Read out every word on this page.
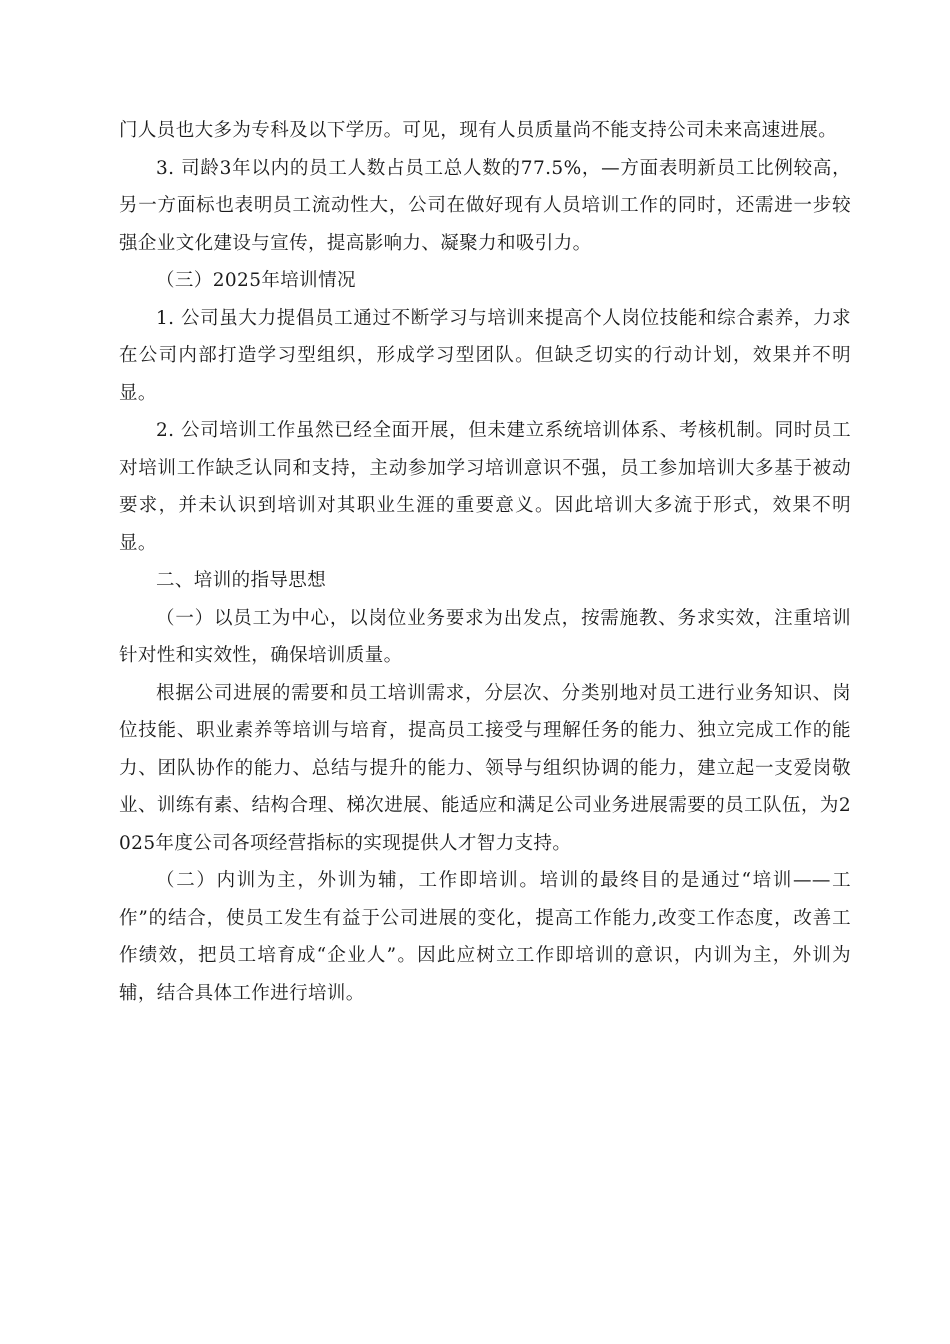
门人员也大多为专科及以下学历。可见，现有人员质量尚不能支持公司未来高速进展。

3. 司龄3年以内的员工人数占员工总人数的77.5%，—方面表明新员工比例较高，另一方面标也表明员工流动性大，公司在做好现有人员培训工作的同时，还需进一步较强企业文化建设与宣传，提高影响力、凝聚力和吸引力。

（三）2025年培训情况

1. 公司虽大力提倡员工通过不断学习与培训来提高个人岗位技能和综合素养，力求在公司内部打造学习型组织，形成学习型团队。但缺乏切实的行动计划，效果并不明显。

2. 公司培训工作虽然已经全面开展，但未建立系统培训体系、考核机制。同时员工对培训工作缺乏认同和支持，主动参加学习培训意识不强，员工参加培训大多基于被动要求，并未认识到培训对其职业生涯的重要意义。因此培训大多流于形式，效果不明显。

二、培训的指导思想

（一）以员工为中心，以岗位业务要求为出发点，按需施教、务求实效，注重培训针对性和实效性，确保培训质量。

根据公司进展的需要和员工培训需求，分层次、分类别地对员工进行业务知识、岗位技能、职业素养等培训与培育，提高员工接受与理解任务的能力、独立完成工作的能力、团队协作的能力、总结与提升的能力、领导与组织协调的能力，建立起一支爱岗敬业、训练有素、结构合理、梯次进展、能适应和满足公司业务进展需要的员工队伍，为2025年度公司各项经营指标的实现提供人才智力支持。

（二）内训为主，外训为辅，工作即培训。培训的最终目的是通过“培训——工作”的结合，使员工发生有益于公司进展的变化，提高工作能力,改变工作态度，改善工作绩效，把员工培育成“企业人”。因此应树立工作即培训的意识，内训为主，外训为辅，结合具体工作进行培训。
